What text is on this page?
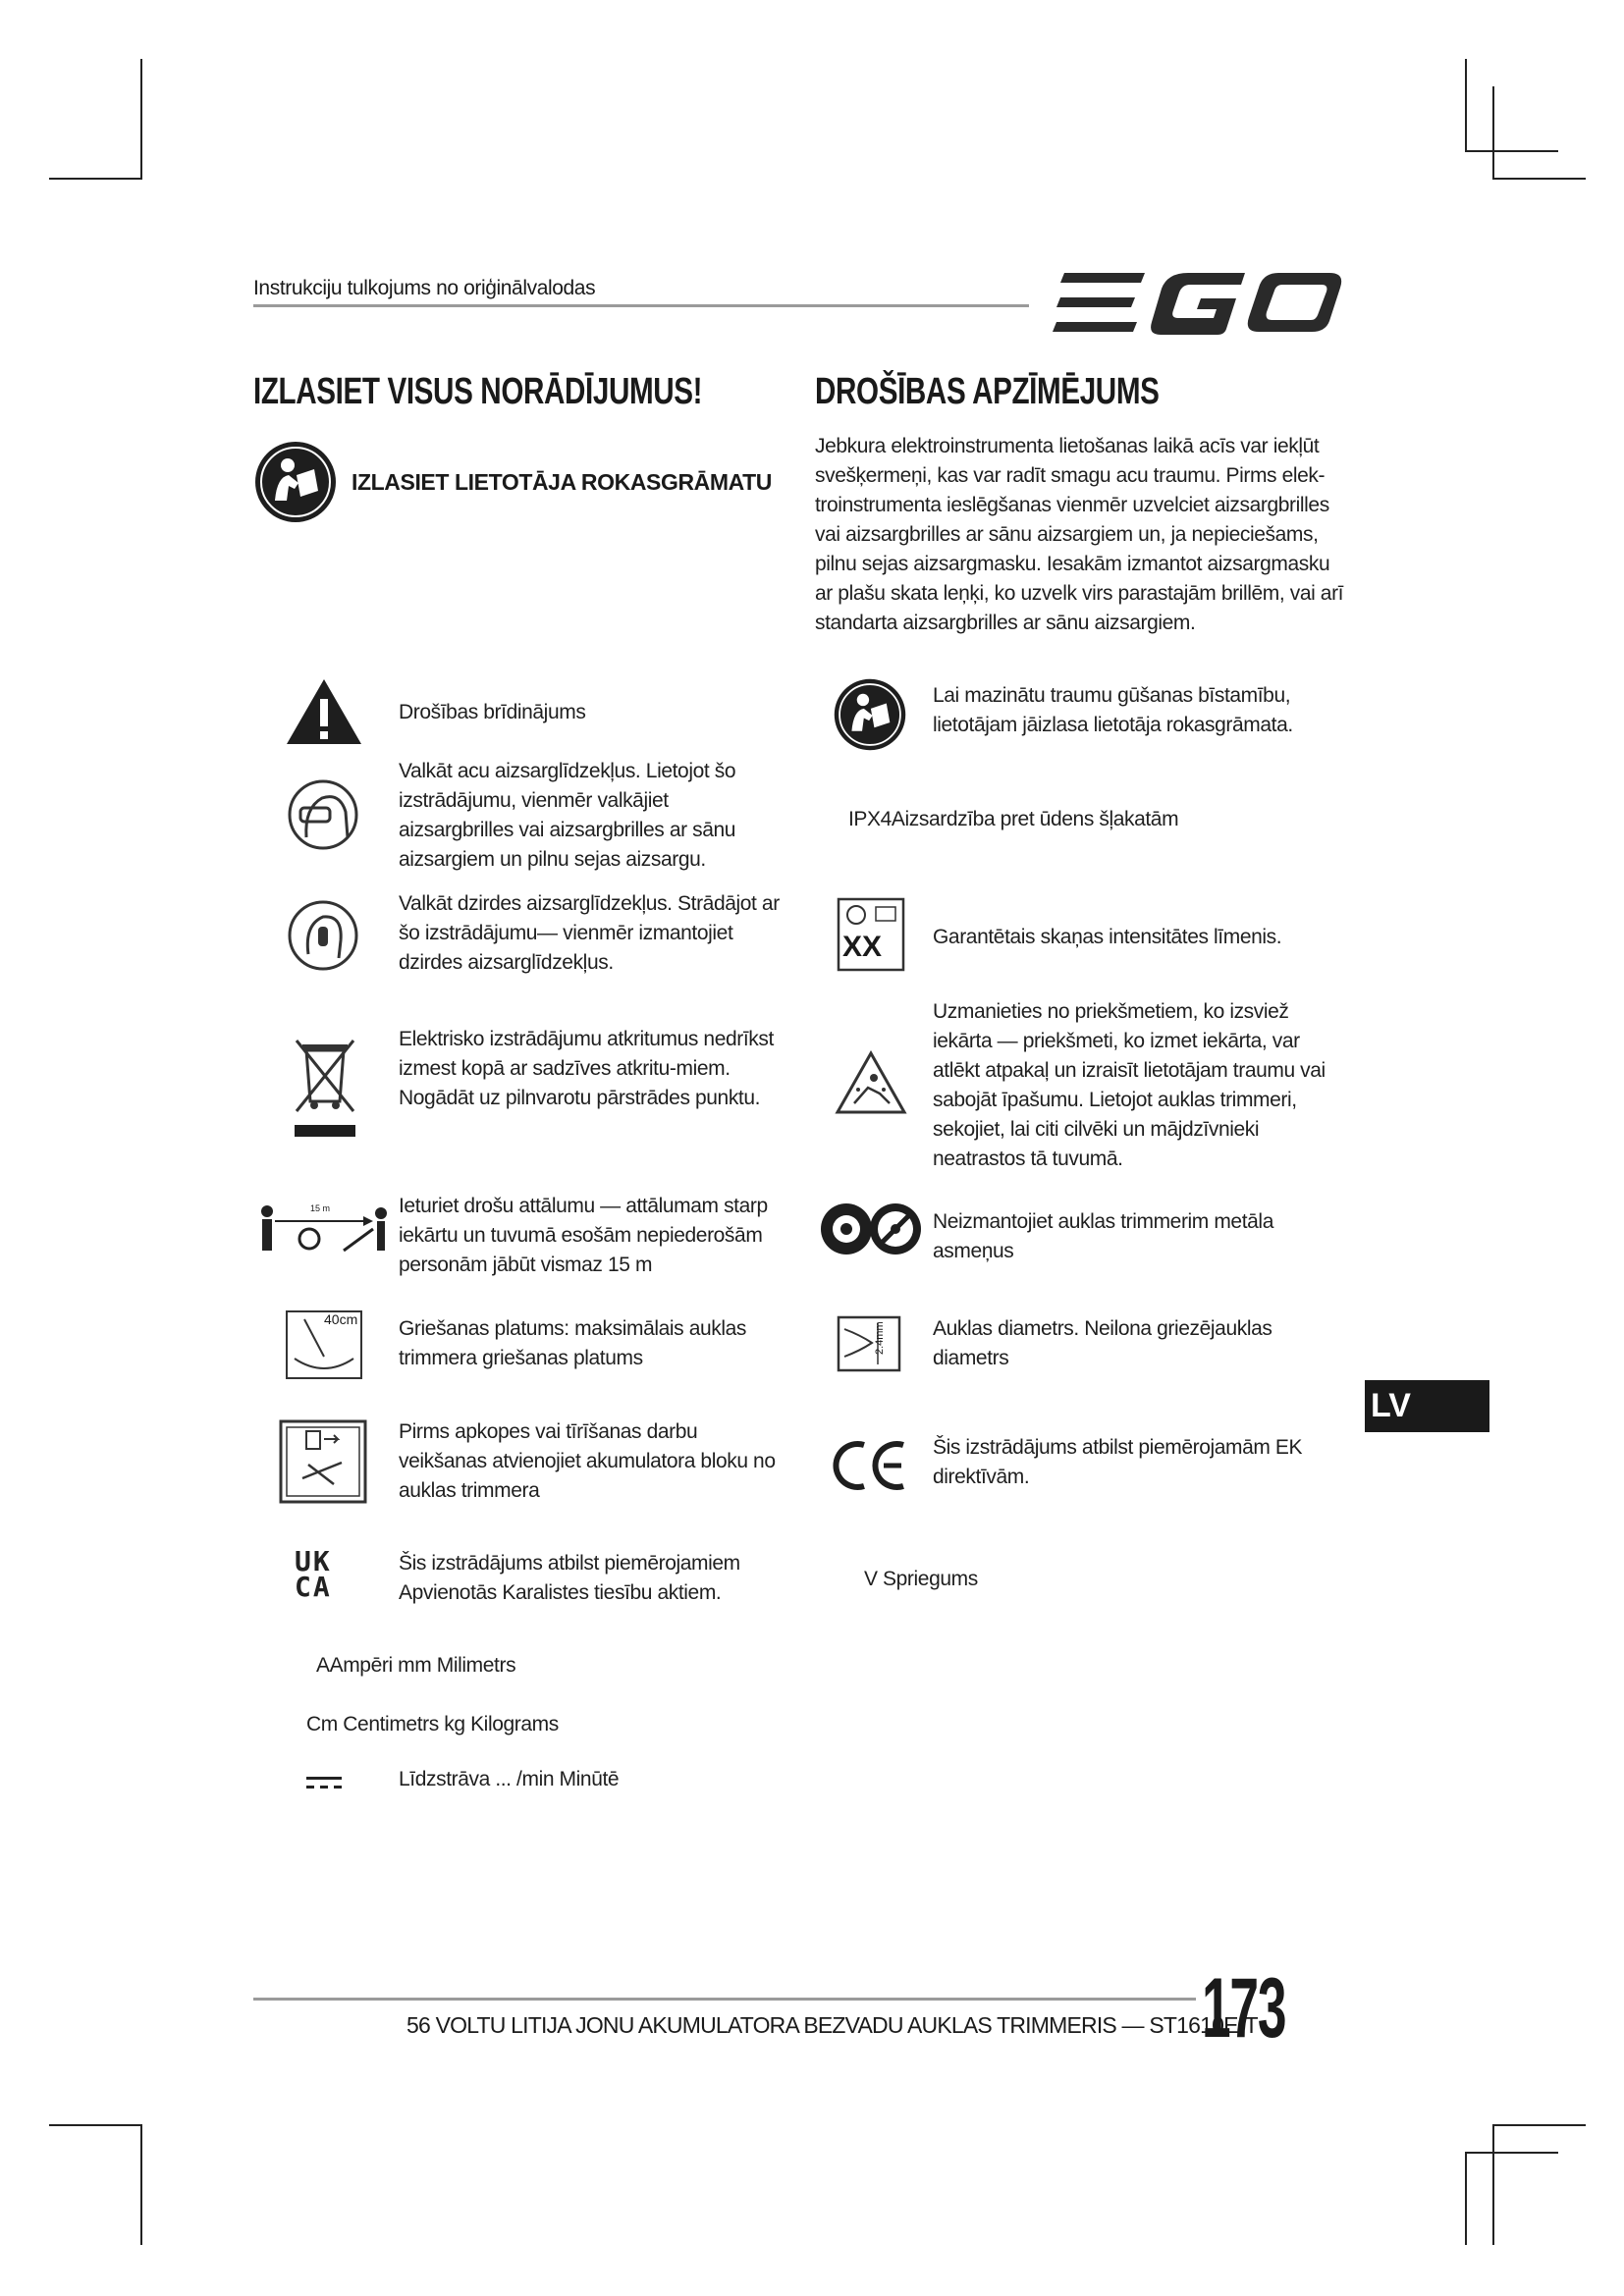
Instrukciju tulkojums no oriģinālvalodas
IZLASIET VISUS NORĀDĪJUMUS!
IZLASIET LIETOTĀJA ROKASGRĀMATU
Drošības brīdinājums
Valkāt acu aizsarglīdzekļus. Lietojot šo izstrādājumu, vienmēr valkājiet aizsargbrilles vai aizsargbrilles ar sānu aizsargiem un pilnu sejas aizsargu.
Valkāt dzirdes aizsarglīdzekļus. Strādājot ar šo izstrādājumu— vienmēr izmantojiet dzirdes aizsarglīdzekļus.
Elektrisko izstrādājumu atkritumus nedrīkst izmest kopā ar sadzīves atkritu-miem. Nogādāt uz pilnvarotu pārstrādes punktu.
15 m	Ieturiet drošu attālumu — attālumam starp iekārtu un tuvumā esošām nepiederošām personām jābūt vismaz 15 m
40cm Griešanas platums: maksimālais auklas trimmera griešanas platums
Pirms apkopes vai tīrīšanas darbu veikšanas atvienojiet akumulatora bloku no auklas trimmera
UK CA
Šis izstrādājums atbilst piemērojamiem Apvienotās Karalistes tiesību aktiem.
AAmpēri mm Milimetrs
Cm Centimetrs kg Kilograms
Līdzstrāva ... /min Minūtē
DROŠĪBAS APZĪMĒJUMS
Jebkura elektroinstrumenta lietošanas laikā acīs var iekļūt svešķermeņi, kas var radīt smagu acu traumu. Pirms elek-troinstrumenta ieslēgšanas vienmēr uzvelciet aizsargbrilles vai aizsargbrilles ar sānu aizsargiem un, ja nepieciešams, pilnu sejas aizsargmasku. Iesakām izmantot aizsargmasku ar plašu skata leņķi, ko uzvelk virs parastajām brillēm, vai arī standarta aizsargbrilles ar sānu aizsargiem.
Lai mazinātu traumu gūšanas bīstamību, lietotājam jāizlasa lietotāja rokasgrāmata.
IPX4Aizsardzība pret ūdens šļakatām
XX Garantētais skaņas intensitātes līmenis.
Uzmanieties no priekšmetiem, ko izsviež iekārta — priekšmeti, ko izmet iekārta, var atlēkt atpakaļ un izraisīt lietotājam traumu vai sabojāt īpašumu. Lietojot auklas trimmeri, sekojiet, lai citi cilvēki un mājdzīvnieki neatrastos tā tuvumā.
Neizmantojiet auklas trimmerim metāla asmeņus
2.4mm Auklas diametrs. Neilona griezējauklas diametrs
Šis izstrādājums atbilst piemērojamām EK direktīvām.
V Spriegums
LV
56 VOLTU LITIJA JONU AKUMULATORA BEZVADU AUKLAS TRIMMERIS — ST1610E-T
173
